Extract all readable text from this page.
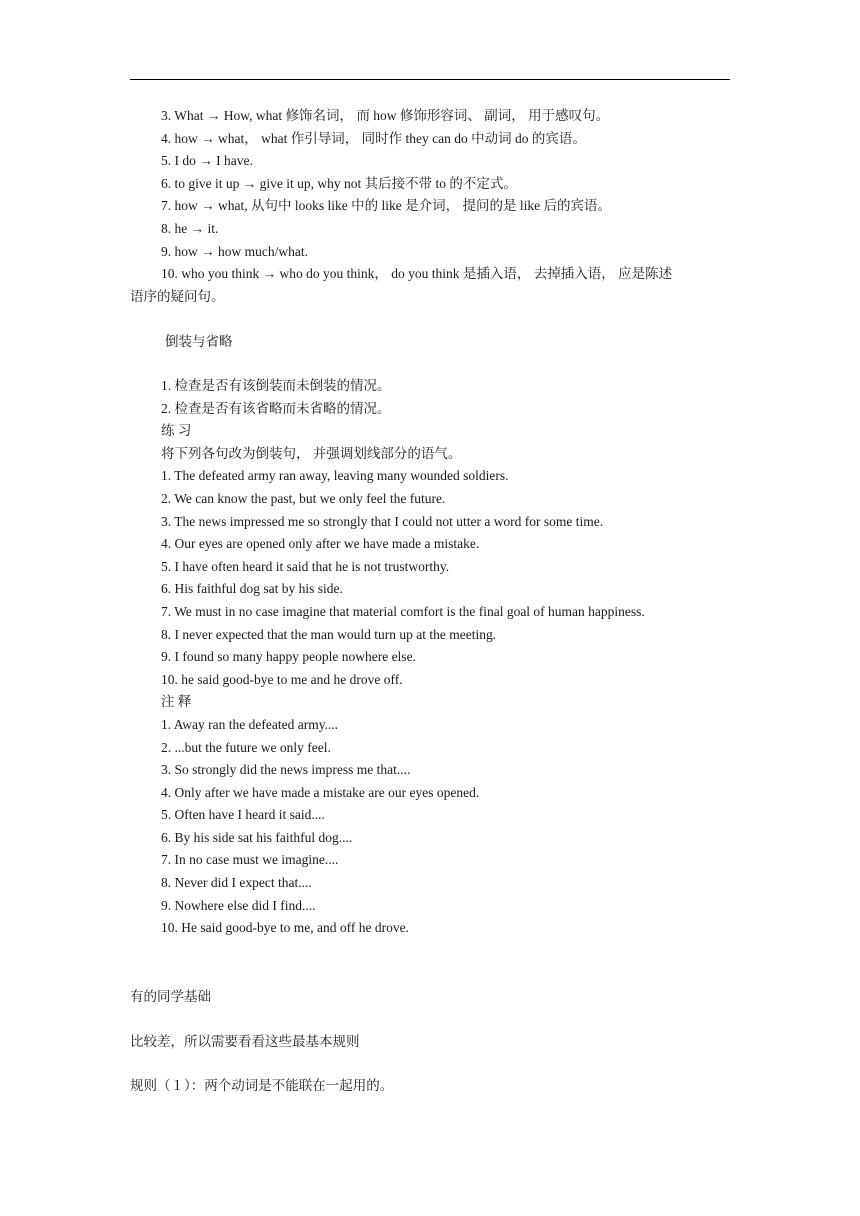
3. What → How, what 修饰名词， 而 how 修饰形容词、 副词， 用于感叹句。
4. how → what， what 作引导词， 同时作 they can do 中动词 do 的宾语。
5. I do → I have.
6. to give it up → give it up, why not 其后接不带 to 的不定式。
7. how → what, 从句中 looks like 中的 like 是介词， 提问的是 like 后的宾语。
8. he → it.
9. how → how much/what.
10. who you think → who do you think， do you think 是插入语， 去掉插入语， 应是陈述
语序的疑问句。
倒装与省略
1. 检查是否有该倒装而未倒装的情况。
2. 检查是否有该省略而未省略的情况。
练 习
将下列各句改为倒装句， 并强调划线部分的语气。
1. The defeated army ran away, leaving many wounded soldiers.
2. We can know the past, but we only feel the future.
3. The news impressed me so strongly that I could not utter a word for some time.
4. Our eyes are opened only after we have made a mistake.
5. I have often heard it said that he is not trustworthy.
6. His faithful dog sat by his side.
7. We must in no case imagine that material comfort is the final goal of human happiness.
8. I never expected that the man would turn up at the meeting.
9. I found so many happy people nowhere else.
10. he said good-bye to me and he drove off.
注 释
1. Away ran the defeated army....
2. ...but the future we only feel.
3. So strongly did the news impress me that....
4. Only after we have made a mistake are our eyes opened.
5. Often have I heard it said....
6. By his side sat his faithful dog....
7. In no case must we imagine....
8. Never did I expect that....
9. Nowhere else did I find....
10. He said good-bye to me, and off he drove.
有的同学基础
比较差，所以需要看看这些最基本规则
规则（１）：两个动词是不能联在一起用的。
